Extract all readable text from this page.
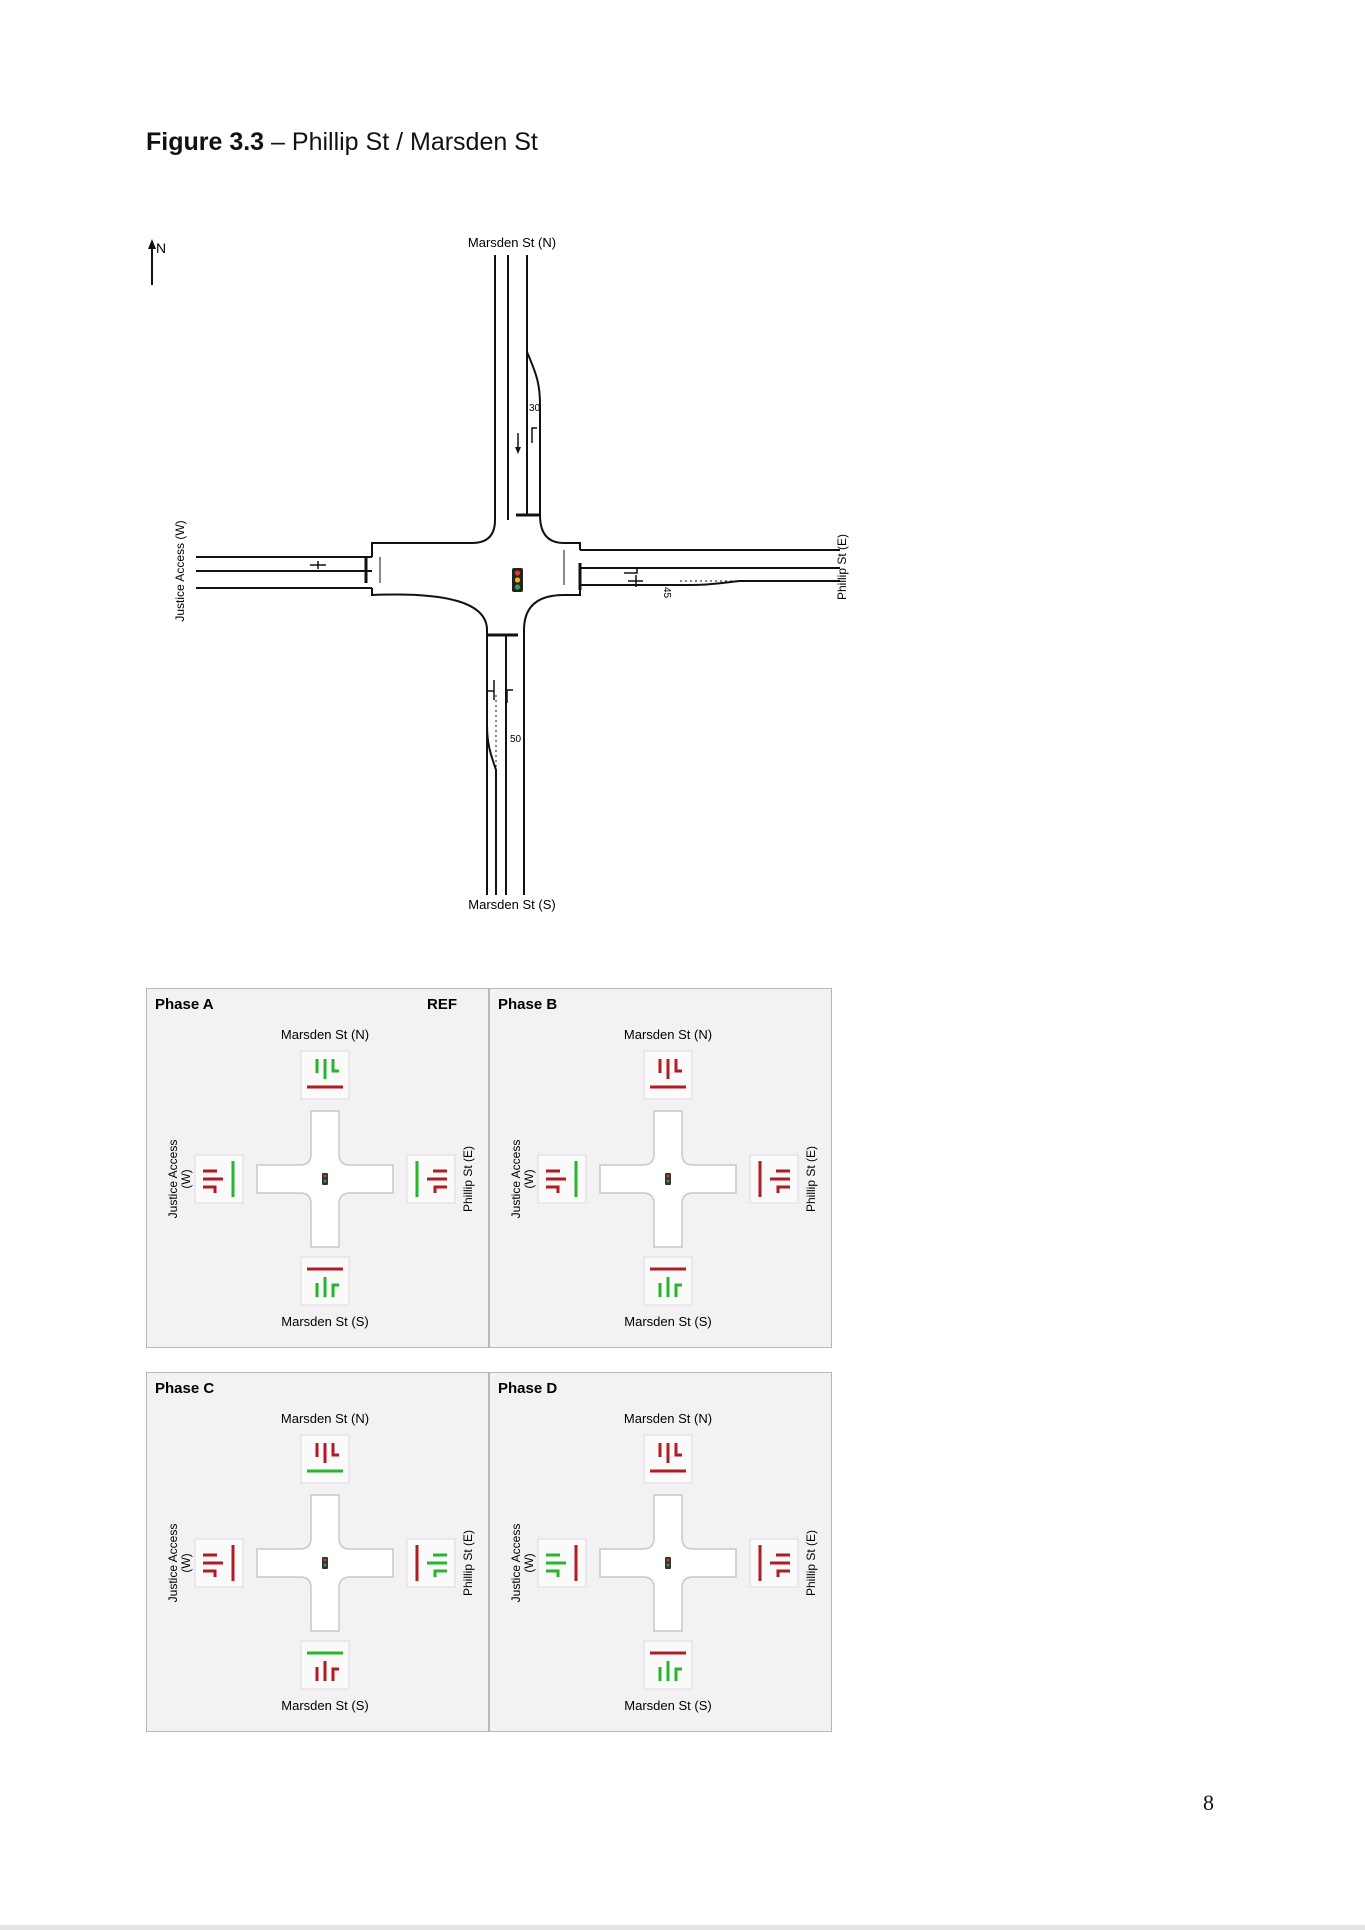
Figure 3.3 – Phillip St / Marsden St
N
30
50
45
Marsden St (N)
Marsden St (S)
Justice Access (W)	Phillip St (E)
Phase A	REF
Marsden St (N)
Marsden St (S)
Justice Access (W)	Phillip St (E)
Phase B
Marsden St (N)
Marsden St (S)
Justice Access (W)	Phillip St (E)
Phase C
Marsden St (N)
Marsden St (S)
Justice Access (W)	Phillip St (E)
Phase D
Marsden St (N)
Marsden St (S)
Justice Access (W)	Phillip St (E)
8
